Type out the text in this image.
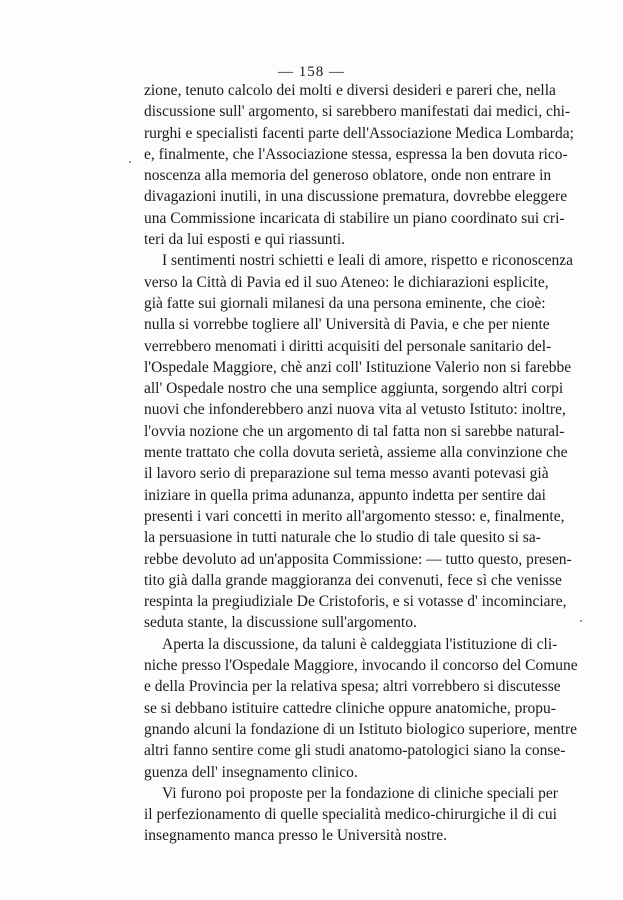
— 158 —
zione, tenuto calcolo dei molti e diversi desideri e pareri che, nella
discussione sull' argomento, si sarebbero manifestati dai medici, chi-
rurghi e specialisti facenti parte dell'Associazione Medica Lombarda;
e, finalmente, che l'Associazione stessa, espressa la ben dovuta rico-
noscenza alla memoria del generoso oblatore, onde non entrare in
divagazioni inutili, in una discussione prematura, dovrebbe eleggere
una Commissione incaricata di stabilire un piano coordinato sui cri-
teri da lui esposti e qui riassunti.
I sentimenti nostri schietti e leali di amore, rispetto e riconoscenza
verso la Città di Pavia ed il suo Ateneo: le dichiarazioni esplicite,
già fatte sui giornali milanesi da una persona eminente, che cioè:
nulla si vorrebbe togliere all' Università di Pavia, e che per niente
verrebbero menomati i diritti acquisiti del personale sanitario del-
l'Ospedale Maggiore, chè anzi coll' Istituzione Valerio non si farebbe
all' Ospedale nostro che una semplice aggiunta, sorgendo altri corpi
nuovi che infonderebbero anzi nuova vita al vetusto Istituto: inoltre,
l'ovvia nozione che un argomento di tal fatta non si sarebbe natural-
mente trattato che colla dovuta serietà, assieme alla convinzione che
il lavoro serio di preparazione sul tema messo avanti potevasi già
iniziare in quella prima adunanza, appunto indetta per sentire dai
presenti i vari concetti in merito all'argomento stesso: e, finalmente,
la persuasione in tutti naturale che lo studio di tale quesito si sa-
rebbe devoluto ad un'apposita Commissione: — tutto questo, presen-
tito già dalla grande maggioranza dei convenuti, fece sì che venisse
respinta la pregiudiziale De Cristoforis, e si votasse d' incominciare,
seduta stante, la discussione sull'argomento.
Aperta la discussione, da taluni è caldeggiata l'istituzione di cli-
niche presso l'Ospedale Maggiore, invocando il concorso del Comune
e della Provincia per la relativa spesa; altri vorrebbero si discutesse
se si debbano istituire cattedre cliniche oppure anatomiche, propu-
gnando alcuni la fondazione di un Istituto biologico superiore, mentre
altri fanno sentire come gli studi anatomo-patologici siano la conse-
guenza dell' insegnamento clinico.
Vi furono poi proposte per la fondazione di cliniche speciali per
il perfezionamento di quelle specialità medico-chirurgiche il di cui
insegnamento manca presso le Università nostre.
